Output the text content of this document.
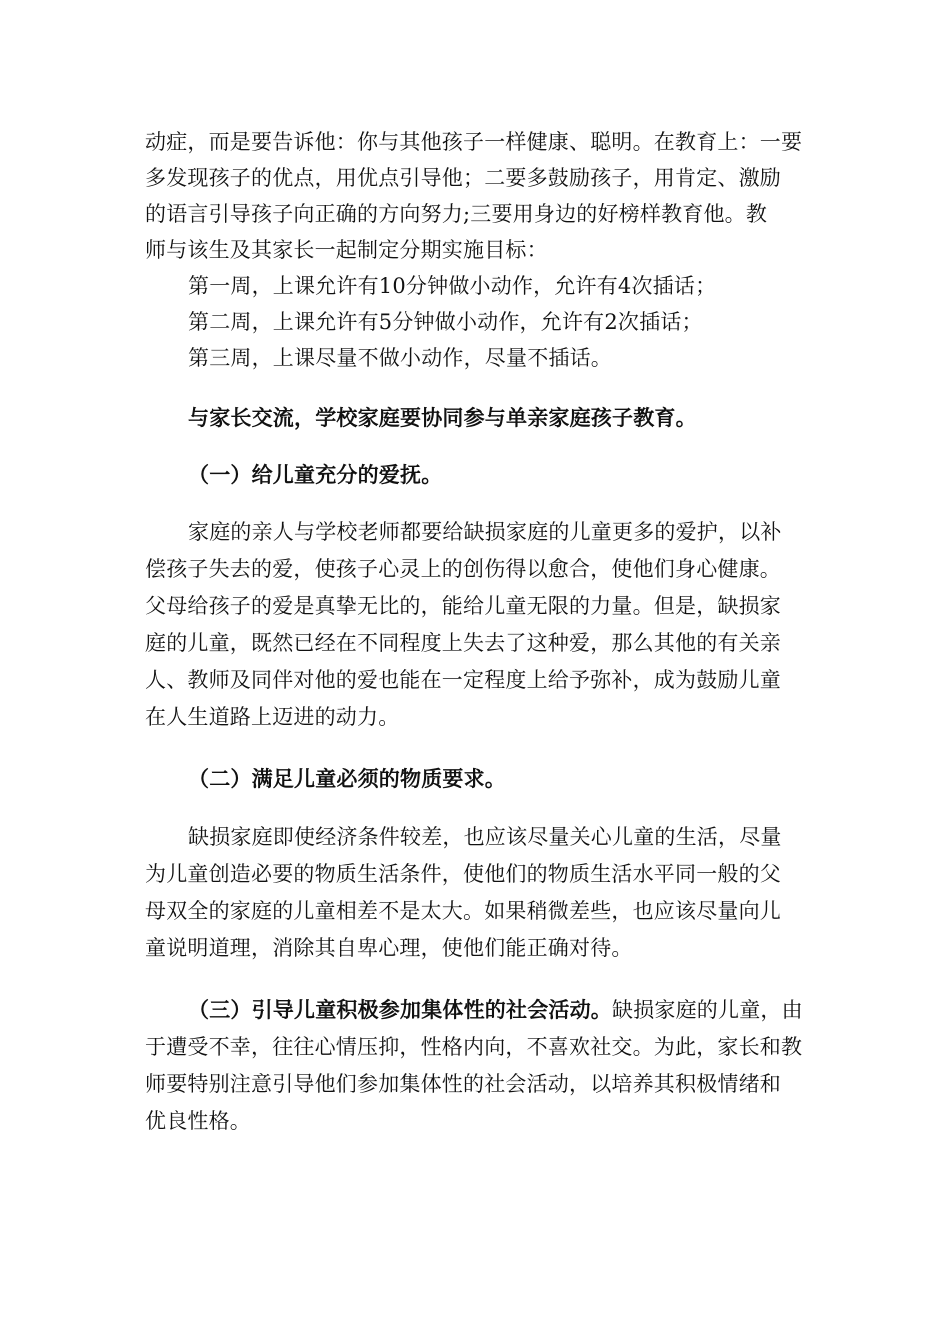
动症，而是要告诉他：你与其他孩子一样健康、聪明。在教育上：一要
多发现孩子的优点，用优点引导他；二要多鼓励孩子，用肯定、激励
的语言引导孩子向正确的方向努力;三要用身边的好榜样教育他。教
师与该生及其家长一起制定分期实施目标：
第一周，上课允许有10分钟做小动作，允许有4次插话；
第二周，上课允许有5分钟做小动作，允许有2次插话；
第三周，上课尽量不做小动作，尽量不插话。
与家长交流，学校家庭要协同参与单亲家庭孩子教育。
（一）给儿童充分的爱抚。
家庭的亲人与学校老师都要给缺损家庭的儿童更多的爱护，以补
偿孩子失去的爱，使孩子心灵上的创伤得以愈合，使他们身心健康。
父母给孩子的爱是真挚无比的，能给儿童无限的力量。但是，缺损家
庭的儿童，既然已经在不同程度上失去了这种爱，那么其他的有关亲
人、教师及同伴对他的爱也能在一定程度上给予弥补，成为鼓励儿童
在人生道路上迈进的动力。
（二）满足儿童必须的物质要求。
缺损家庭即使经济条件较差，也应该尽量关心儿童的生活，尽量
为儿童创造必要的物质生活条件，使他们的物质生活水平同一般的父
母双全的家庭的儿童相差不是太大。如果稍微差些，也应该尽量向儿
童说明道理，消除其自卑心理，使他们能正确对待。
（三）引导儿童积极参加集体性的社会活动。缺损家庭的儿童，由
于遭受不幸，往往心情压抑，性格内向，不喜欢社交。为此，家长和教
师要特别注意引导他们参加集体性的社会活动，以培养其积极情绪和
优良性格。
